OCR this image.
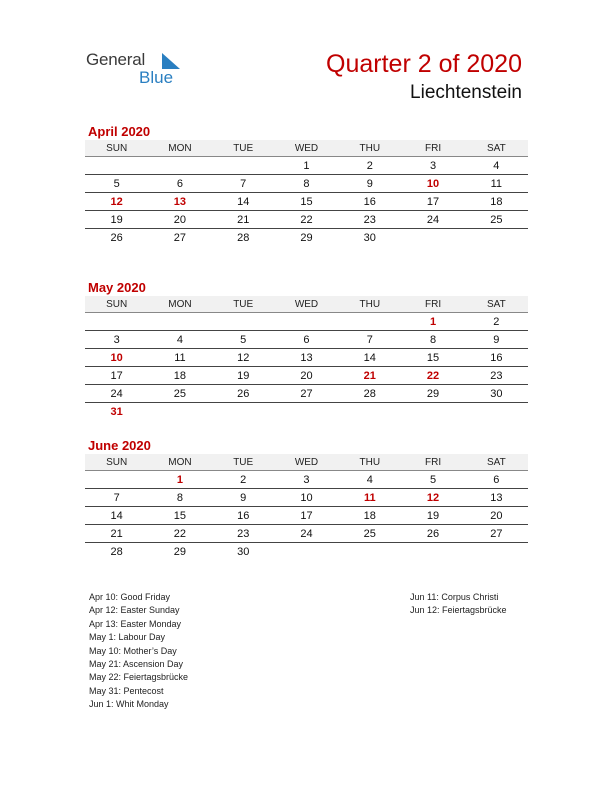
General
Blue	Quarter 2 of 2020
Liechtenstein
April 2020
SUN	MON	TUE	WED	THU	FRI	SAT
			1	2	3	4
5	6	7	8	9	10	11
12	13	14	15	16	17	18
19	20	21	22	23	24	25
26	27	28	29	30		
May 2020
SUN	MON	TUE	WED	THU	FRI	SAT
					1	2
3	4	5	6	7	8	9
10	11	12	13	14	15	16
17	18	19	20	21	22	23
24	25	26	27	28	29	30
31						
June 2020
SUN	MON	TUE	WED	THU	FRI	SAT
	1	2	3	4	5	6
7	8	9	10	11	12	13
14	15	16	17	18	19	20
21	22	23	24	25	26	27
28	29	30				
Apr 10: Good Friday
Apr 12: Easter Sunday
Apr 13: Easter Monday
May 1: Labour Day
May 10: Mother’s Day
May 21: Ascension Day
May 22: Feiertagsbrücke
May 31: Pentecost
Jun 1: Whit Monday
Jun 11: Corpus Christi
Jun 12: Feiertagsbrücke
